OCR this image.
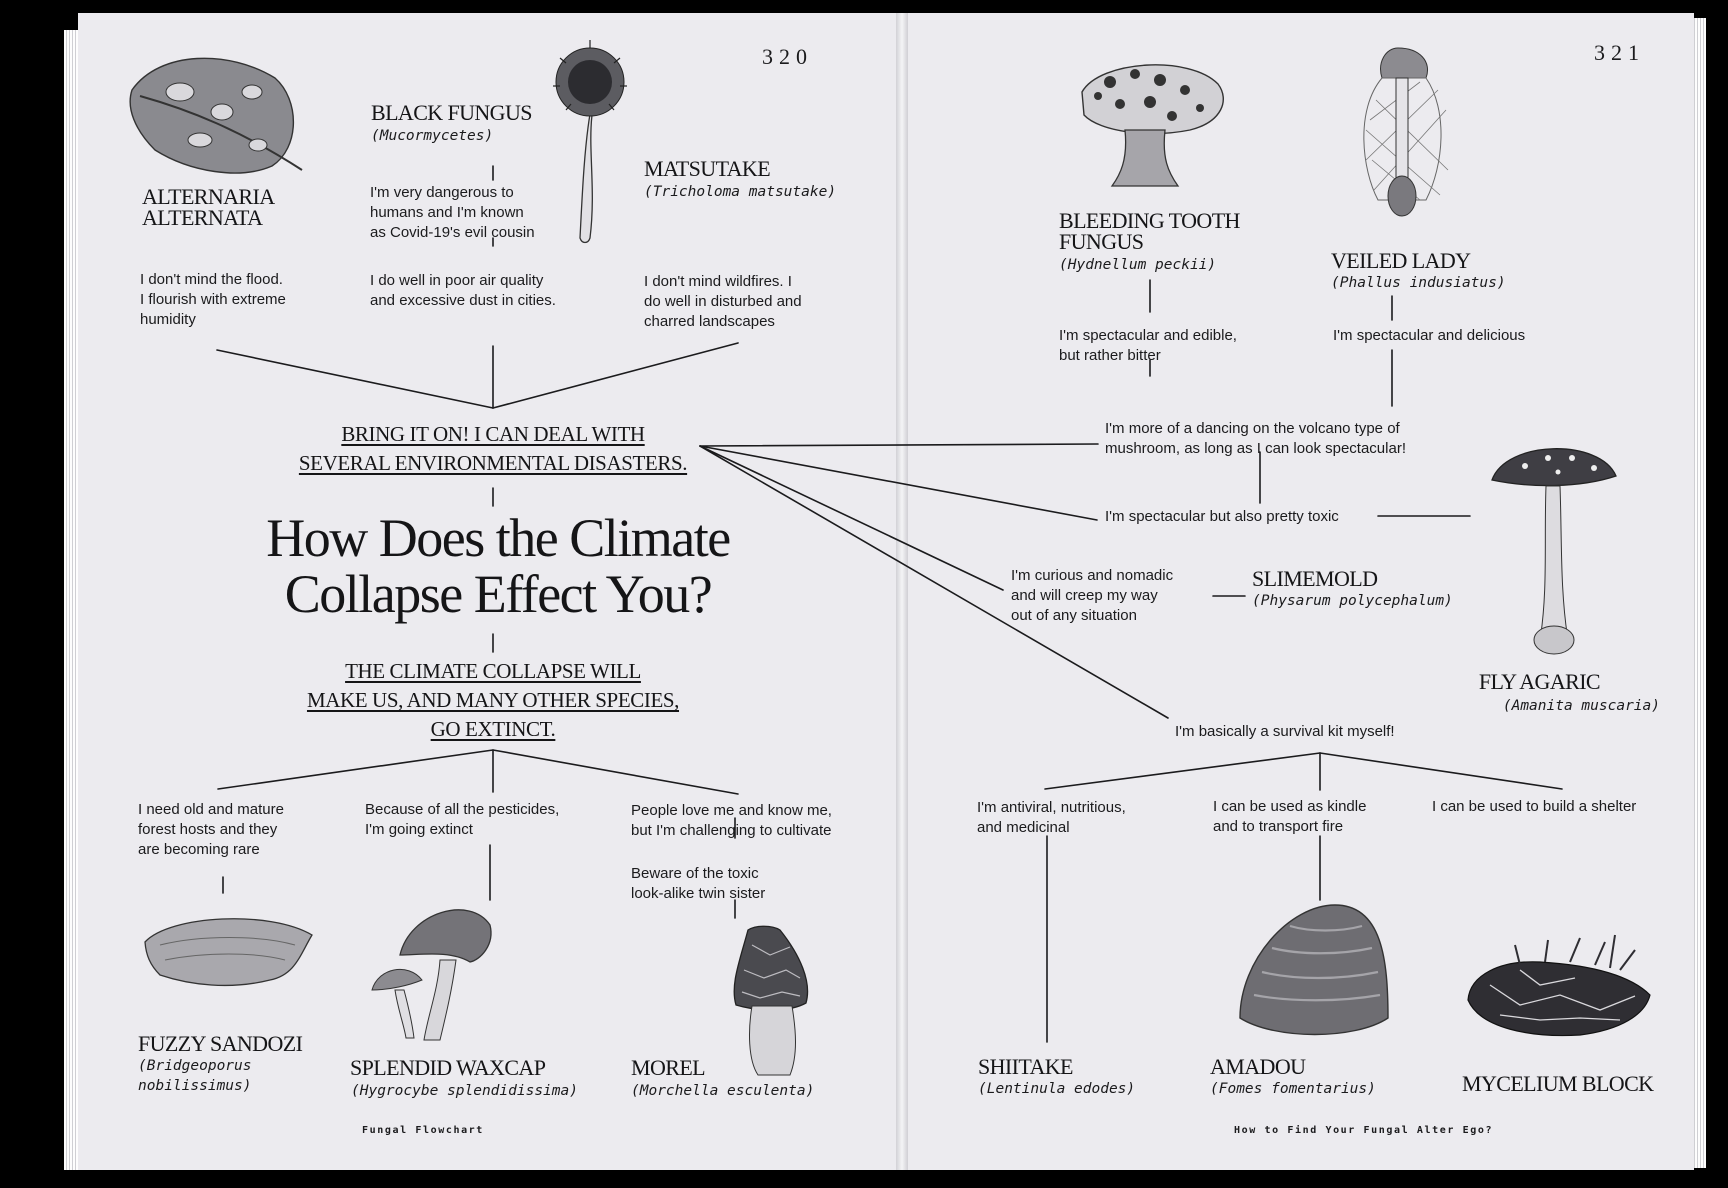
320	321
ALTERNARIA
ALTERNATA
I don't mind the flood.
I flourish with extreme
humidity
BLACK FUNGUS
(Mucormycetes)
I'm very dangerous to
humans and I'm known
as Covid-19's evil cousin
I do well in poor air quality
and excessive dust in cities.
MATSUTAKE
(Tricholoma matsutake)
I don't mind wildfires. I
do well in disturbed and
charred landscapes
BRING IT ON! I CAN DEAL WITH
SEVERAL ENVIRONMENTAL DISASTERS.
How Does the Climate
Collapse Effect You?
THE CLIMATE COLLAPSE WILL
MAKE US, AND MANY OTHER SPECIES,
GO EXTINCT.
I need old and mature
forest hosts and they
are becoming rare
FUZZY SANDOZI
(Bridgeoporus
nobilissimus)
Because of all the pesticides,
I'm going extinct
SPLENDID WAXCAP
(Hygrocybe splendidissima)
People love me and know me,
but I'm challenging to cultivate
Beware of the toxic
look-alike twin sister
MOREL
(Morchella esculenta)
BLEEDING TOOTH
FUNGUS
(Hydnellum peckii)
I'm spectacular and edible,
but rather bitter
VEILED LADY
(Phallus indusiatus)
I'm spectacular and delicious
I'm more of a dancing on the volcano type of
mushroom, as long as I can look spectacular!
I'm spectacular but also pretty toxic
FLY AGARIC
(Amanita muscaria)
I'm curious and nomadic
and will creep my way
out of any situation
SLIMEMOLD
(Physarum polycephalum)
I'm basically a survival kit myself!
I'm antiviral, nutritious,
and medicinal
SHIITAKE
(Lentinula edodes)
I can be used as kindle
and to transport fire
AMADOU
(Fomes fomentarius)
I can be used to build a shelter
MYCELIUM BLOCK
Fungal Flowchart	How to Find Your Fungal Alter Ego?
